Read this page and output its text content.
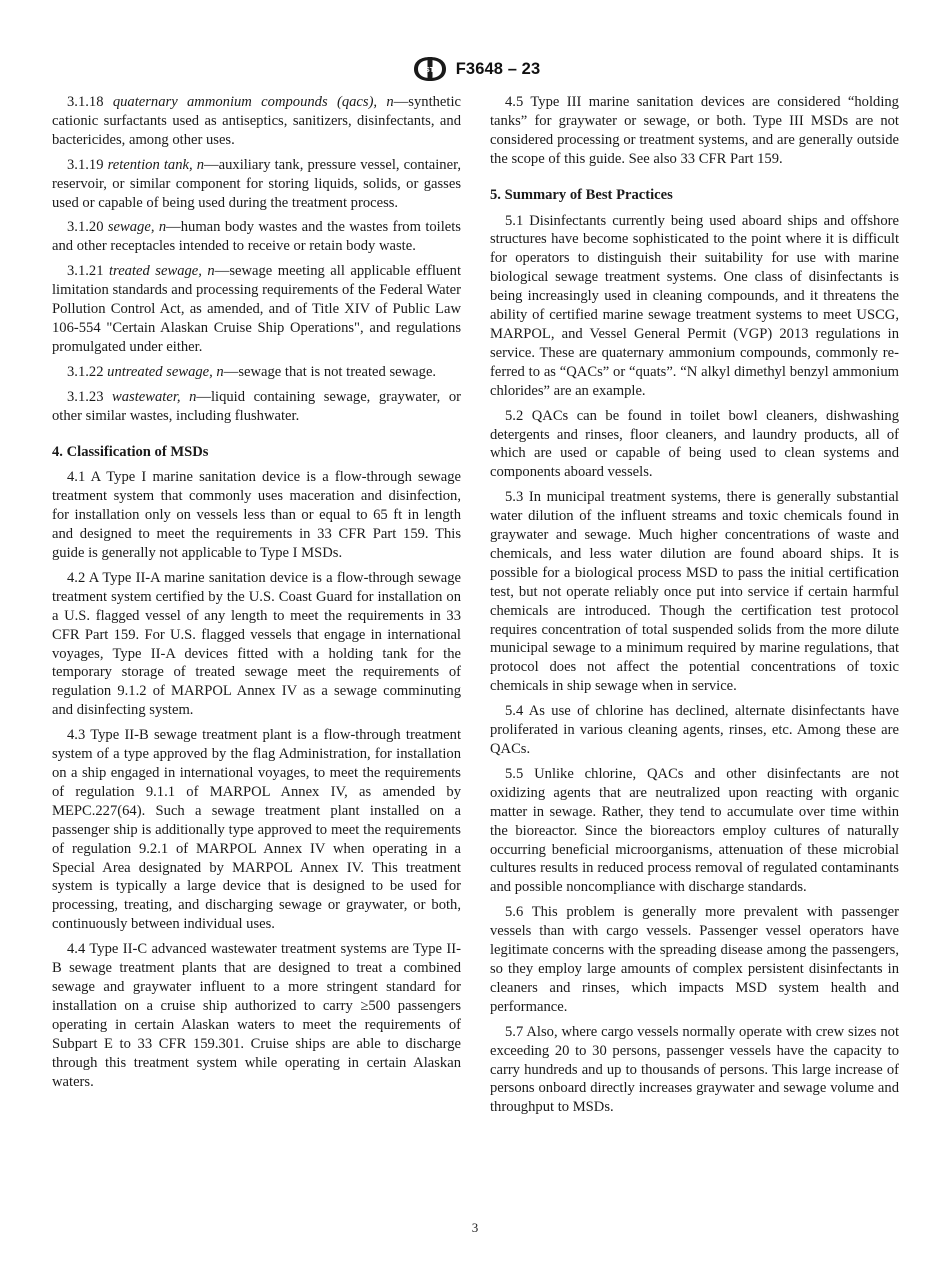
ASTM F3648 – 23

3.1.18 quaternary ammonium compounds (qacs), n—synthetic cationic surfactants used as antiseptics, sanitizers, disinfectants, and bactericides, among other uses.

3.1.19 retention tank, n—auxiliary tank, pressure vessel, container, reservoir, or similar component for storing liquids, solids, or gasses used or capable of being used during the treatment process.

3.1.20 sewage, n—human body wastes and the wastes from toilets and other receptacles intended to receive or retain body waste.

3.1.21 treated sewage, n—sewage meeting all applicable effluent limitation standards and processing requirements of the Federal Water Pollution Control Act, as amended, and of Title XIV of Public Law 106-554 "Certain Alaskan Cruise Ship Operations", and regulations promulgated under either.

3.1.22 untreated sewage, n—sewage that is not treated sewage.

3.1.23 wastewater, n—liquid containing sewage, graywater, or other similar wastes, including flushwater.

4. Classification of MSDs

4.1 A Type I marine sanitation device is a flow-through sewage treatment system that commonly uses maceration and disinfection, for installation only on vessels less than or equal to 65 ft in length and designed to meet the requirements in 33 CFR Part 159. This guide is generally not applicable to Type I MSDs.

4.2 A Type II-A marine sanitation device is a flow-through sewage treatment system certified by the U.S. Coast Guard for installation on a U.S. flagged vessel of any length to meet the requirements in 33 CFR Part 159. For U.S. flagged vessels that engage in international voyages, Type II-A devices fitted with a holding tank for the temporary storage of treated sewage meet the requirements of regulation 9.1.2 of MARPOL Annex IV as a sewage comminuting and disinfecting system.

4.3 Type II-B sewage treatment plant is a flow-through treatment system of a type approved by the flag Administration, for installation on a ship engaged in international voyages, to meet the requirements of regulation 9.1.1 of MARPOL Annex IV, as amended by MEPC.227(64). Such a sewage treatment plant installed on a passenger ship is additionally type approved to meet the requirements of regulation 9.2.1 of MARPOL Annex IV when operating in a Special Area designated by MARPOL Annex IV. This treatment system is typically a large device that is designed to be used for processing, treating, and discharging sewage or graywater, or both, continuously between individual uses.

4.4 Type II-C advanced wastewater treatment systems are Type II-B sewage treatment plants that are designed to treat a combined sewage and graywater influent to a more stringent standard for installation on a cruise ship authorized to carry ≥500 passengers operating in certain Alaskan waters to meet the requirements of Subpart E to 33 CFR 159.301. Cruise ships are able to discharge through this treatment system while operating in certain Alaskan waters.

4.5 Type III marine sanitation devices are considered “holding tanks” for graywater or sewage, or both. Type III MSDs are not considered processing or treatment systems, and are generally outside the scope of this guide. See also 33 CFR Part 159.

5. Summary of Best Practices

5.1 Disinfectants currently being used aboard ships and offshore structures have become sophisticated to the point where it is difficult for operators to distinguish their suitability for use with marine biological sewage treatment systems. One class of disinfectants is being increasingly used in cleaning compounds, and it threatens the ability of certified marine sewage treatment systems to meet USCG, MARPOL, and Vessel General Permit (VGP) 2013 regulations in service. These are quaternary ammonium compounds, commonly referred to as “QACs” or “quats”. “N alkyl dimethyl benzyl ammonium chlorides” are an example.

5.2 QACs can be found in toilet bowl cleaners, dishwashing detergents and rinses, floor cleaners, and laundry products, all of which are used or capable of being used to clean systems and components aboard vessels.

5.3 In municipal treatment systems, there is generally substantial water dilution of the influent streams and toxic chemicals found in graywater and sewage. Much higher concentrations of waste and chemicals, and less water dilution are found aboard ships. It is possible for a biological process MSD to pass the initial certification test, but not operate reliably once put into service if certain harmful chemicals are introduced. Though the certification test protocol requires concentration of total suspended solids from the more dilute municipal sewage to a minimum required by marine regulations, that protocol does not affect the potential concentrations of toxic chemicals in ship sewage when in service.

5.4 As use of chlorine has declined, alternate disinfectants have proliferated in various cleaning agents, rinses, etc. Among these are QACs.

5.5 Unlike chlorine, QACs and other disinfectants are not oxidizing agents that are neutralized upon reacting with organic matter in sewage. Rather, they tend to accumulate over time within the bioreactor. Since the bioreactors employ cultures of naturally occurring beneficial microorganisms, attenuation of these microbial cultures results in reduced process removal of regulated contaminants and possible noncompliance with discharge standards.

5.6 This problem is generally more prevalent with passenger vessels than with cargo vessels. Passenger vessel operators have legitimate concerns with the spreading disease among the passengers, so they employ large amounts of complex persistent disinfectants in cleaners and rinses, which impacts MSD system health and performance.

5.7 Also, where cargo vessels normally operate with crew sizes not exceeding 20 to 30 persons, passenger vessels have the capacity to carry hundreds and up to thousands of persons. This large increase of persons onboard directly increases graywater and sewage volume and throughput to MSDs.

3
